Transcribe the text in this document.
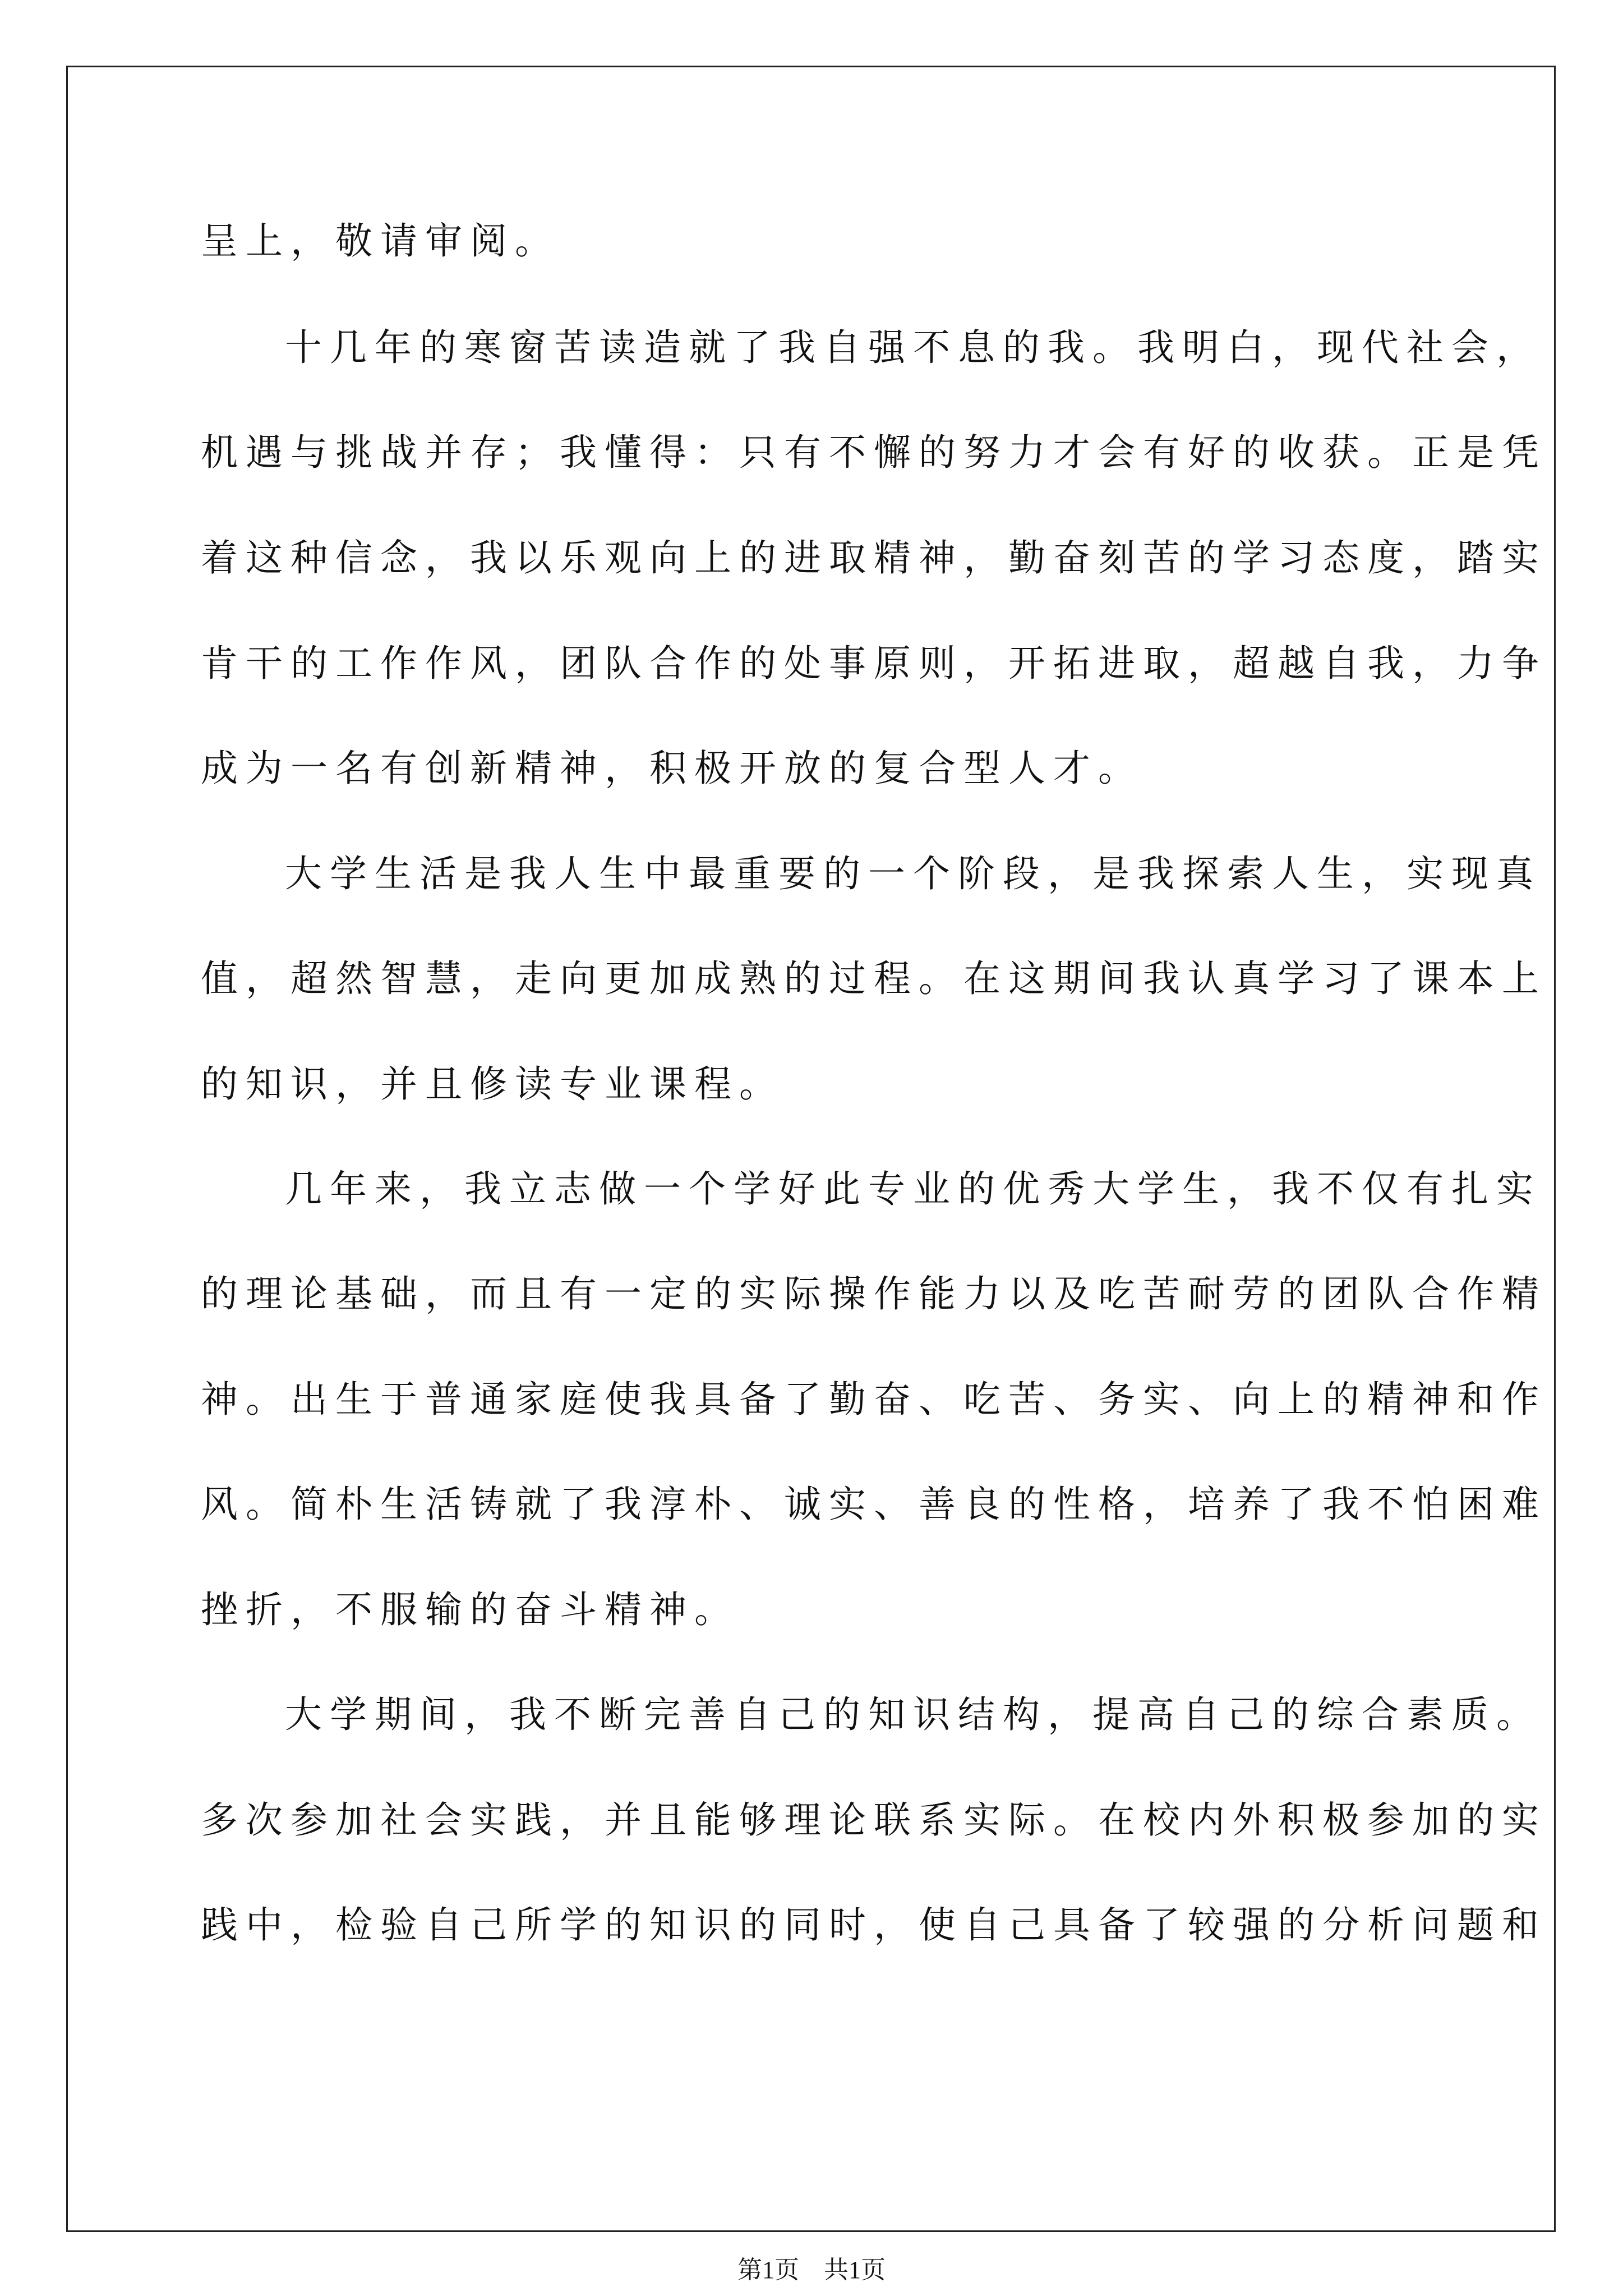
呈上，敬请审阅。
十几年的寒窗苦读造就了我自强不息的我。我明白，现代社会，
机遇与挑战并存；我懂得：只有不懈的努力才会有好的收获。正是凭
着这种信念，我以乐观向上的进取精神，勤奋刻苦的学习态度，踏实
肯干的工作作风，团队合作的处事原则，开拓进取，超越自我，力争
成为一名有创新精神，积极开放的复合型人才。
大学生活是我人生中最重要的一个阶段，是我探索人生，实现真
值，超然智慧，走向更加成熟的过程。在这期间我认真学习了课本上
的知识，并且修读专业课程。
几年来，我立志做一个学好此专业的优秀大学生，我不仅有扎实
的理论基础，而且有一定的实际操作能力以及吃苦耐劳的团队合作精
神。出生于普通家庭使我具备了勤奋、吃苦、务实、向上的精神和作
风。简朴生活铸就了我淳朴、诚实、善良的性格，培养了我不怕困难
挫折，不服输的奋斗精神。
大学期间，我不断完善自己的知识结构，提高自己的综合素质。
多次参加社会实践，并且能够理论联系实际。在校内外积极参加的实
践中，检验自己所学的知识的同时，使自己具备了较强的分析问题和
第1页　共1页
